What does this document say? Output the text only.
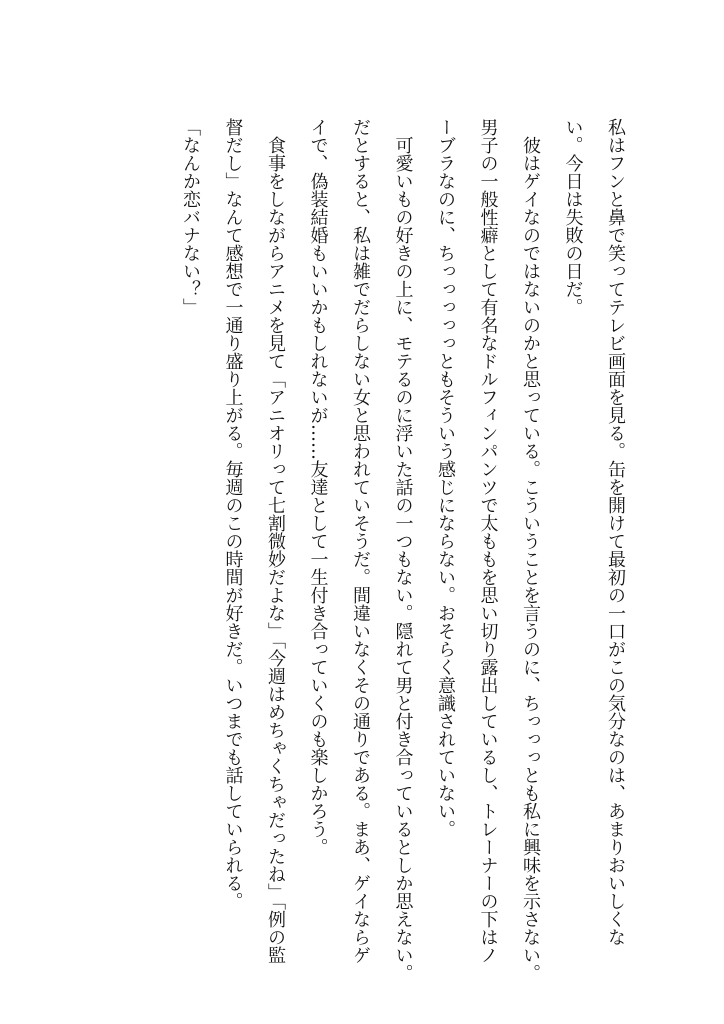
私はフンと鼻で笑ってテレビ画面を見る。缶を開けて最初の一口がこの気分なのは、あまりおいしくな
い。今日は失敗の日だ。
　彼はゲイなのではないのかと思っている。こういうことを言うのに、ちっっっとも私に興味を示さない。
男子の一般性癖として有名なドルフィンパンツで太ももを思い切り露出しているし、トレーナーの下はノ
ーブラなのに、ちっっっっっともそういう感じにならない。おそらく意識されていない。
　可愛いもの好きの上に、モテるのに浮いた話の一つもない。隠れて男と付き合っているとしか思えない。
だとすると、私は雑でだらしない女と思われていそうだ。間違いなくその通りである。まあ、ゲイならゲ
イで、偽装結婚もいいかもしれないが……友達として一生付き合っていくのも楽しかろう。
　食事をしながらアニメを見て「アニオリって七割微妙だよな」「今週はめちゃくちゃだったね」「例の監
督だし」なんて感想で一通り盛り上がる。毎週のこの時間が好きだ。いつまでも話していられる。
「なんか恋バナない？」
